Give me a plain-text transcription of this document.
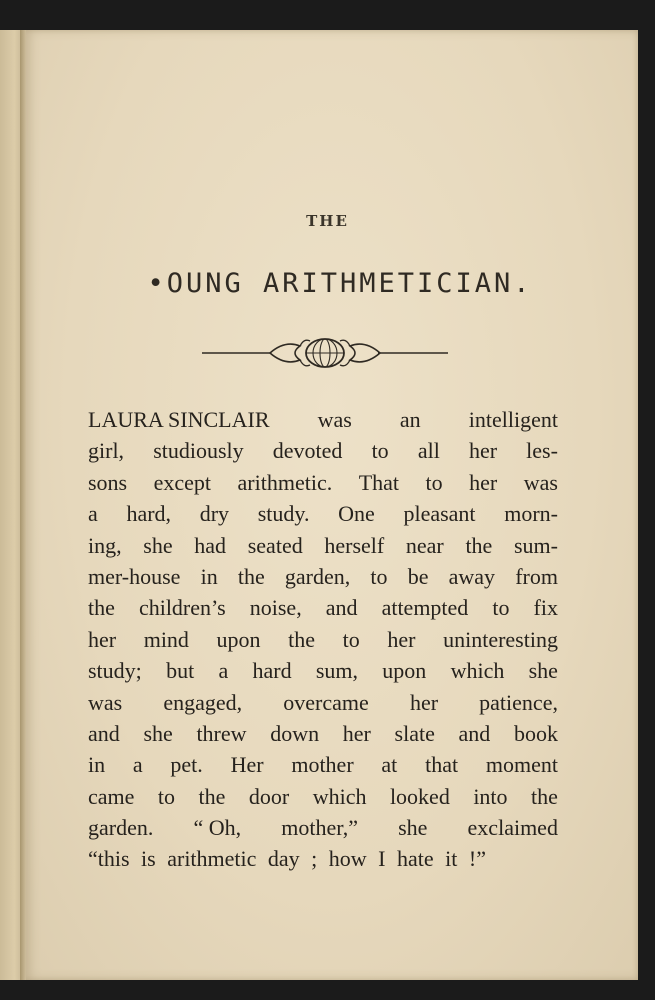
THE
•OUNG ARITHMETICIAN.
LAURA SINCLAIR was an intelligent
girl, studiously devoted to all her les-
sons except arithmetic. That to her was
a hard, dry study. One pleasant morn-
ing, she had seated herself near the sum-
mer-house in the garden, to be away from
the children’s noise, and attempted to fix
her mind upon the to her uninteresting
study; but a hard sum, upon which she
was engaged, overcame her patience,
and she threw down her slate and book
in a pet. Her mother at that moment
came to the door which looked into the
garden. “ Oh, mother,” she exclaimed
“this is arithmetic day ; how I hate it !”
